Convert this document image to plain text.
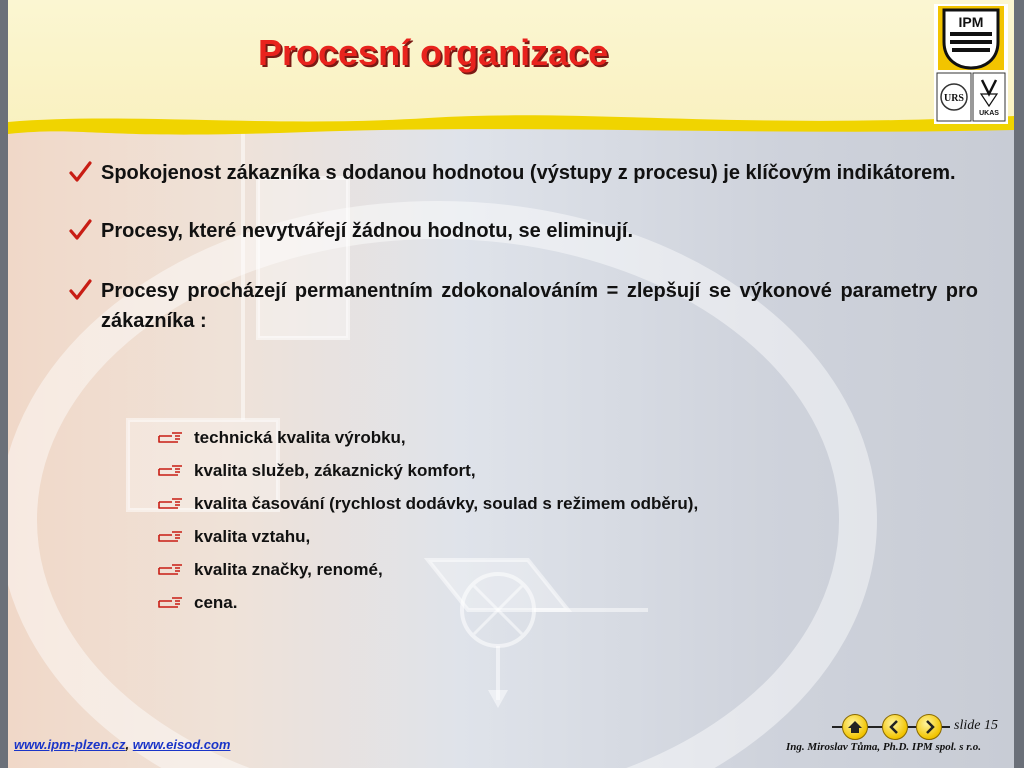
Procesní organizace
IPM
URS
UKAS
Spokojenost zákazníka s dodanou hodnotou (výstupy z procesu) je klíčovým indikátorem.
Procesy, které nevytvářejí žádnou hodnotu, se eliminují.
Procesy procházejí permanentním zdokonalováním = zlepšují se výkonové parametry pro zákazníka :
technická kvalita výrobku,
kvalita služeb, zákaznický komfort,
kvalita časování (rychlost dodávky, soulad s režimem odběru),
kvalita vztahu,
kvalita značky, renomé,
cena.
slide 15
Ing. Miroslav Tůma, Ph.D. IPM spol. s r.o.
www.ipm-plzen.cz, www.eisod.com
